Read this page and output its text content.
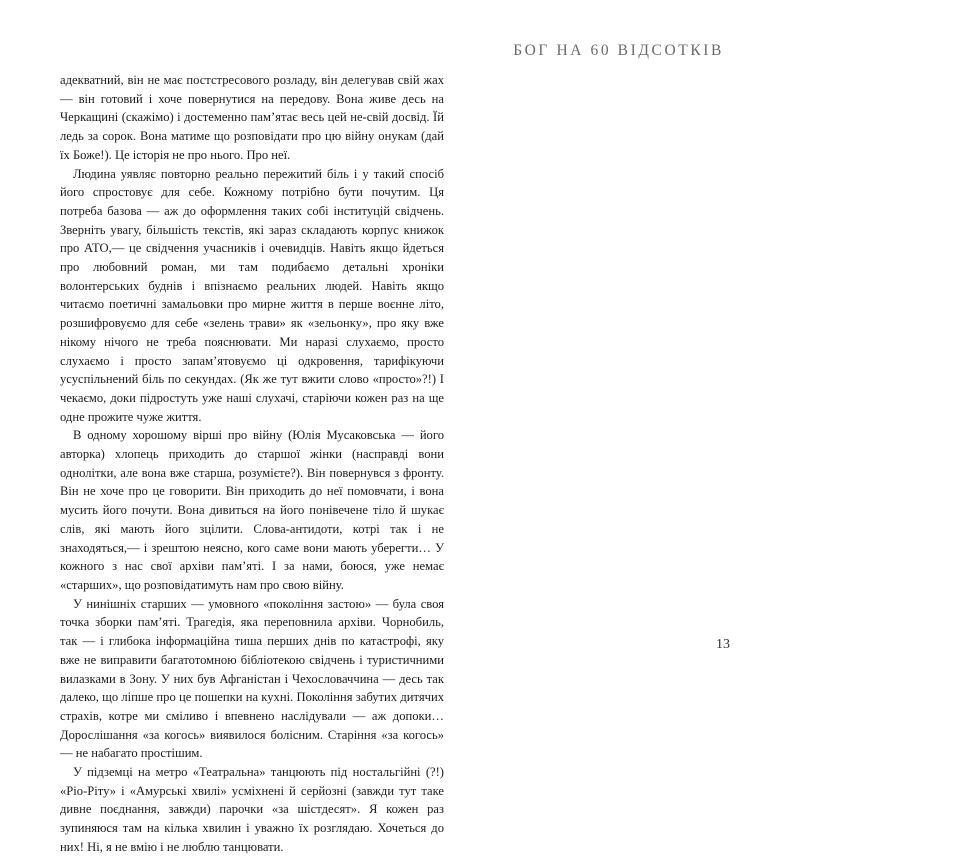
БОГ НА 60 ВІДСОТКІВ

адекватний, він не має постстресового розладу, він делегував свій жах — він готовий і хоче повернутися на передову. Вона живе десь на Черкащині (скажімо) і достеменно пам’ятає весь цей не-свій досвід. Їй ледь за сорок. Вона матиме що розповідати про цю війну онукам (дай їх Боже!). Це історія не про нього. Про неї.

Людина уявляє повторно реально пережитий біль і у такий спосіб його спростовує для себе. Кожному потрібно бути почутим. Ця потреба базова — аж до оформлення таких собі інституцій свідчень. Зверніть увагу, більшість текстів, які зараз складають корпус книжок про АТО,— це свідчення учасників і очевидців. Навіть якщо йдеться про любовний роман, ми там подибаємо детальні хроніки волонтерських буднів і впізнаємо реальних людей. Навіть якщо читаємо поетичні замальовки про мирне життя в перше воєнне літо, розшифровуємо для себе «зелень трави» як «зельонку», про яку вже нікому нічого не треба пояснювати. Ми наразі слухаємо, просто слухаємо і просто запам’ятовуємо ці одкровення, тарифікуючи усуспільнений біль по секундах. (Як же тут вжити слово «просто»?!) І чекаємо, доки підростуть уже наші слухачі, старіючи кожен раз на ще одне прожите чуже життя.

В одному хорошому вірші про війну (Юлія Мусаковська — його авторка) хлопець приходить до старшої жінки (насправді вони однолітки, але вона вже старша, розумієте?). Він повернувся з фронту. Він не хоче про це говорити. Він приходить до неї помовчати, і вона мусить його почути. Вона дивиться на його понівечене тіло й шукає слів, які мають його зцілити. Слова-антидоти, котрі так і не знаходяться,— і зрештою неясно, кого саме вони мають уберегти… У кожного з нас свої архіви пам’яті. І за нами, боюся, уже немає «старших», що розповідатимуть нам про свою війну.

У нинішніх старших — умовного «покоління застою» — була своя точка зборки пам’яті. Трагедія, яка переповнила архіви. Чорнобиль, так — і глибока інформаційна тиша перших днів по катастрофі, яку вже не виправити багатотомною бібліотекою свідчень і туристичними вилазками в Зону. У них був Афганістан і Чехословаччина — десь так далеко, що ліпше про це пошепки на кухні. Покоління забутих дитячих страхів, котре ми сміливо і впевнено наслідували — аж допоки… Дорослішання «за когось» виявилося болісним. Старіння «за когось» — не набагато простішим.

У підземці на метро «Театральна» танцюють під ностальгійні (?!) «Ріо-Ріту» і «Амурські хвилі» усміхнені й серйозні (завжди тут таке дивне поєднання, завжди) парочки «за шістдесят». Я кожен раз зупиняюся там на кілька хвилин і уважно їх розглядаю. Хочеться до них! Ні, я не вмію і не люблю танцювати.

13
